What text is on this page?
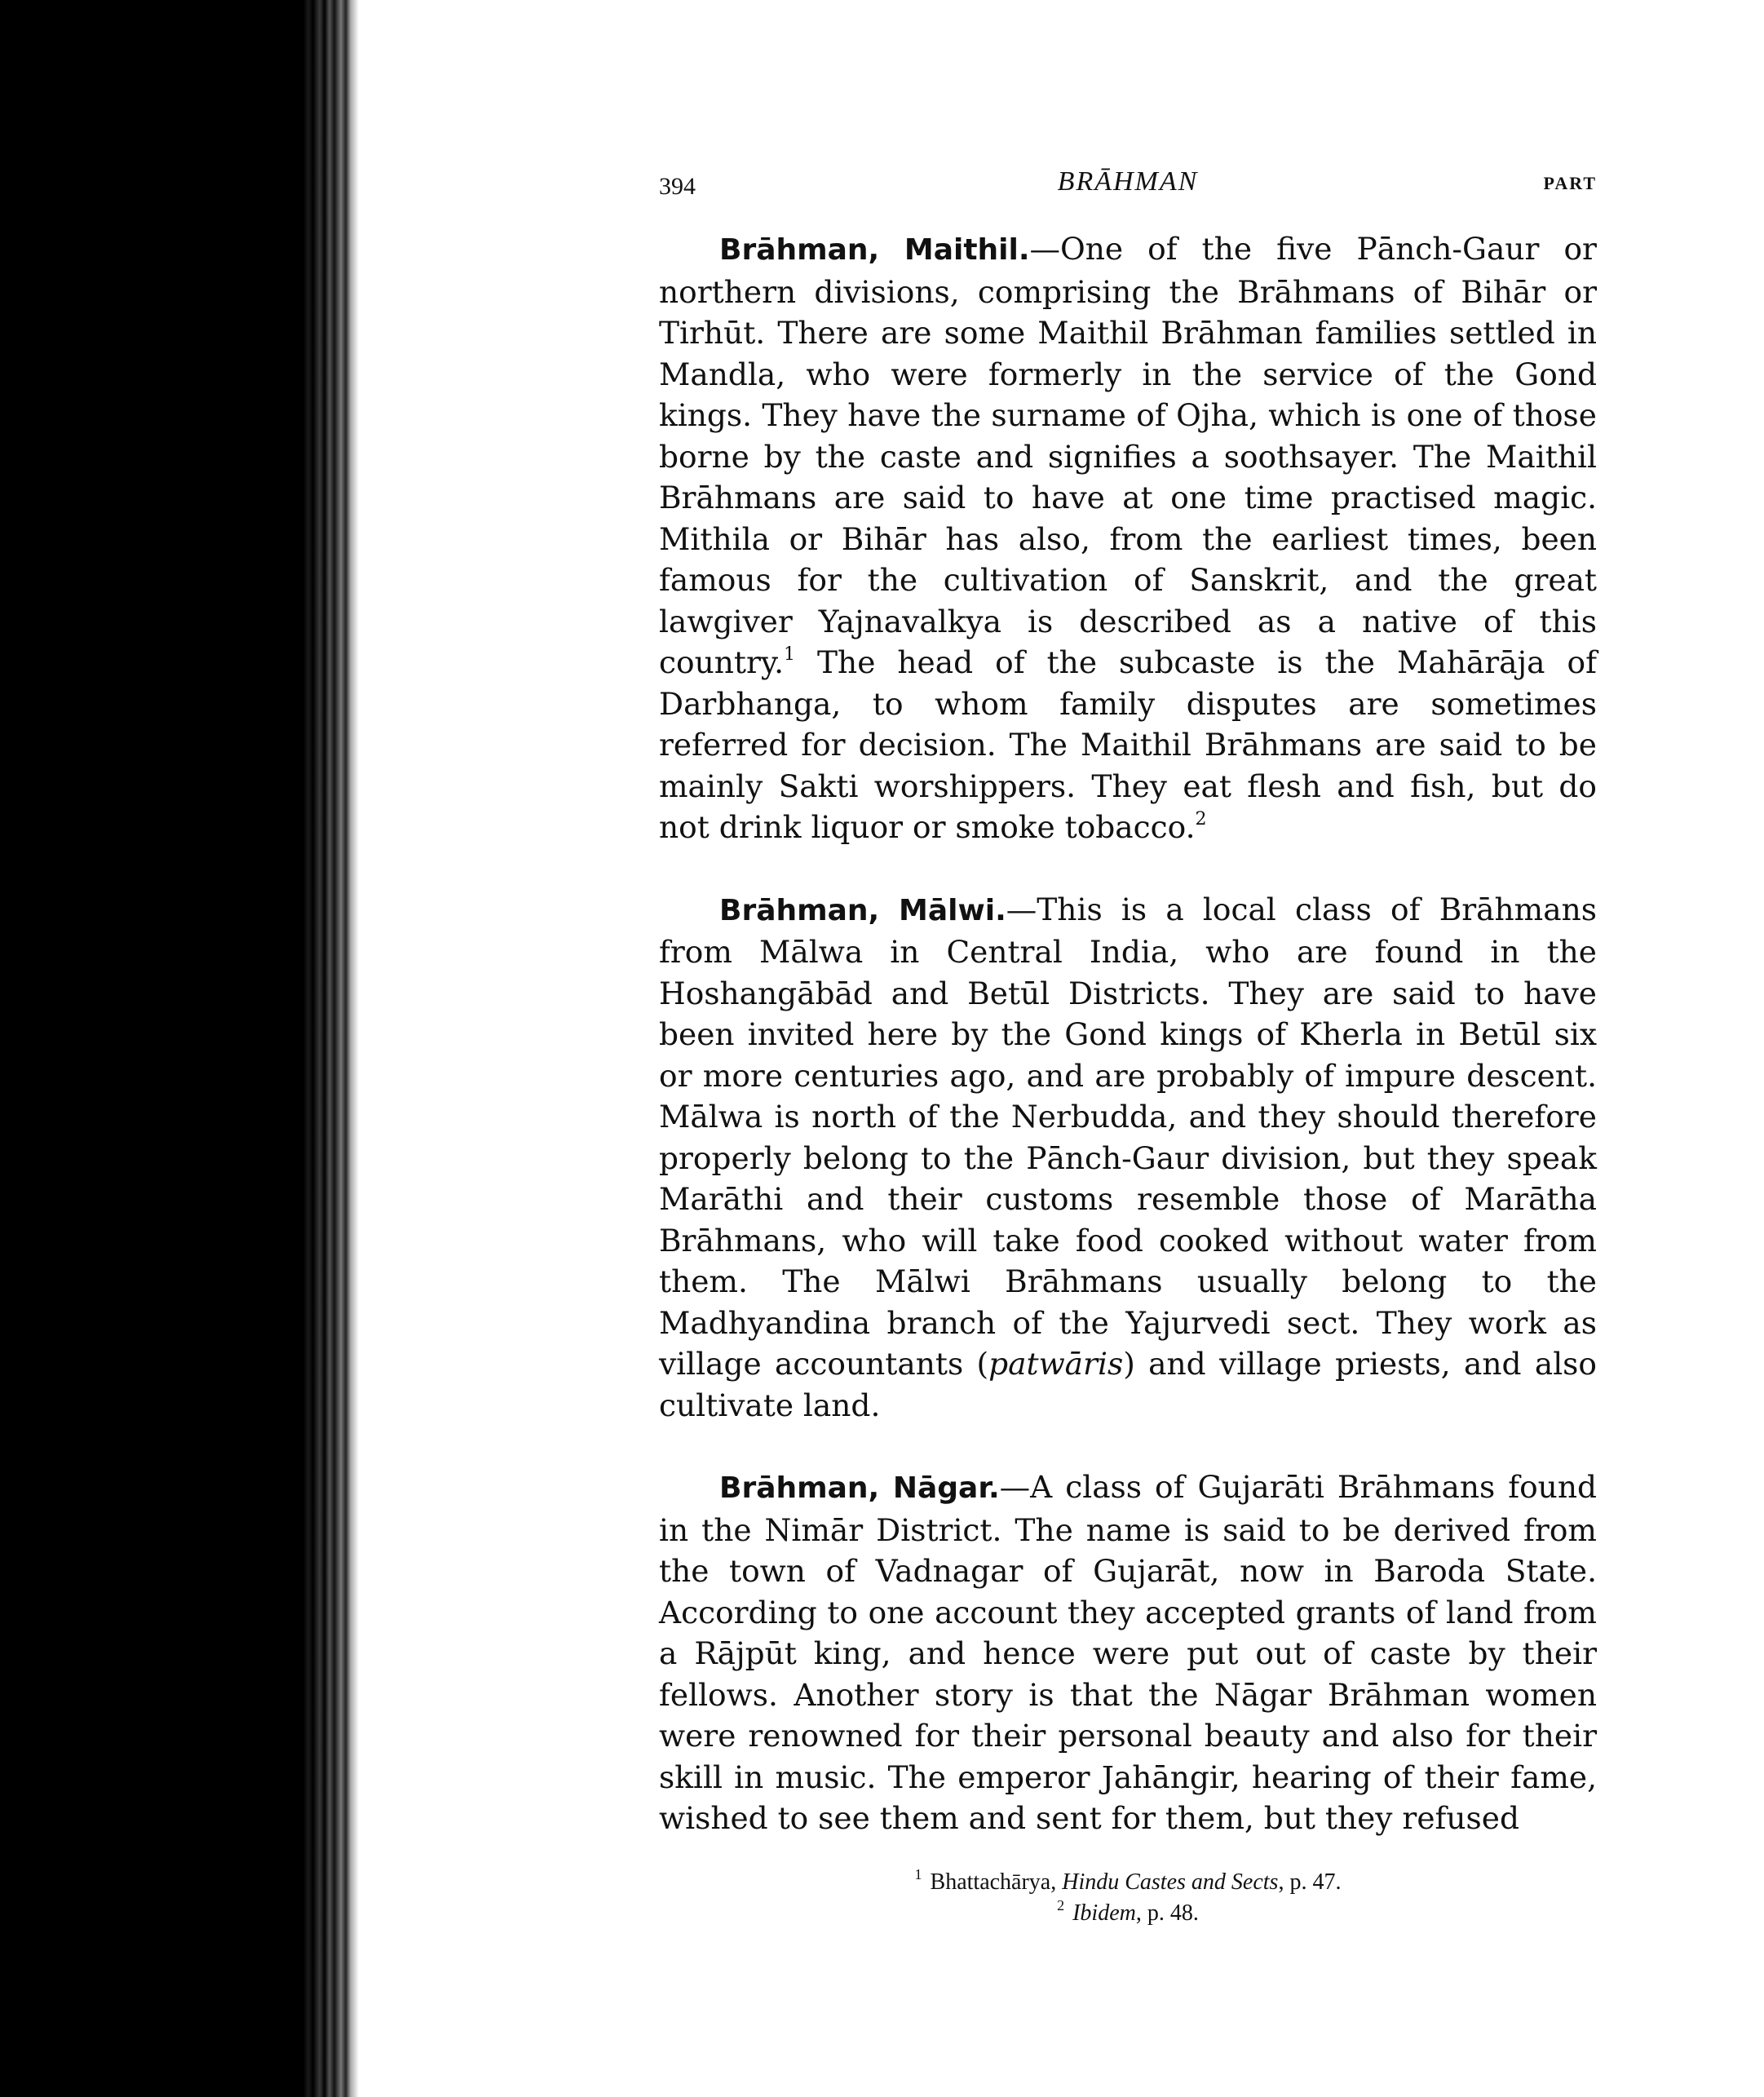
394	BRĀHMAN	PART

Brāhman, Maithil.—One of the five Pānch-Gaur or northern divisions, comprising the Brāhmans of Bihār or Tirhūt. There are some Maithil Brāhman families settled in Mandla, who were formerly in the service of the Gond kings. They have the surname of Ojha, which is one of those borne by the caste and signifies a soothsayer. The Maithil Brāhmans are said to have at one time practised magic. Mithila or Bihār has also, from the earliest times, been famous for the cultivation of Sanskrit, and the great lawgiver Yajnavalkya is described as a native of this country.$^1$ The head of the subcaste is the Mahārāja of Darbhanga, to whom family disputes are sometimes referred for decision. The Maithil Brāhmans are said to be mainly Sakti worshippers. They eat flesh and fish, but do not drink liquor or smoke tobacco.$^2$

Brāhman, Mālwi.—This is a local class of Brāhmans from Mālwa in Central India, who are found in the Hoshangābād and Betūl Districts. They are said to have been invited here by the Gond kings of Kherla in Betūl six or more centuries ago, and are probably of impure descent. Mālwa is north of the Nerbudda, and they should therefore properly belong to the Pānch-Gaur division, but they speak Marāthi and their customs resemble those of Marātha Brāhmans, who will take food cooked without water from them. The Mālwi Brāhmans usually belong to the Madhyandina branch of the Yajurvedi sect. They work as village accountants (patwāris) and village priests, and also cultivate land.

Brāhman, Nāgar.—A class of Gujarāti Brāhmans found in the Nimār District. The name is said to be derived from the town of Vadnagar of Gujarāt, now in Baroda State. According to one account they accepted grants of land from a Rājpūt king, and hence were put out of caste by their fellows. Another story is that the Nāgar Brāhman women were renowned for their personal beauty and also for their skill in music. The emperor Jahāngir, hearing of their fame, wished to see them and sent for them, but they refused

$^1$ Bhattachārya, Hindu Castes and Sects, p. 47.
$^2$ Ibidem, p. 48.
